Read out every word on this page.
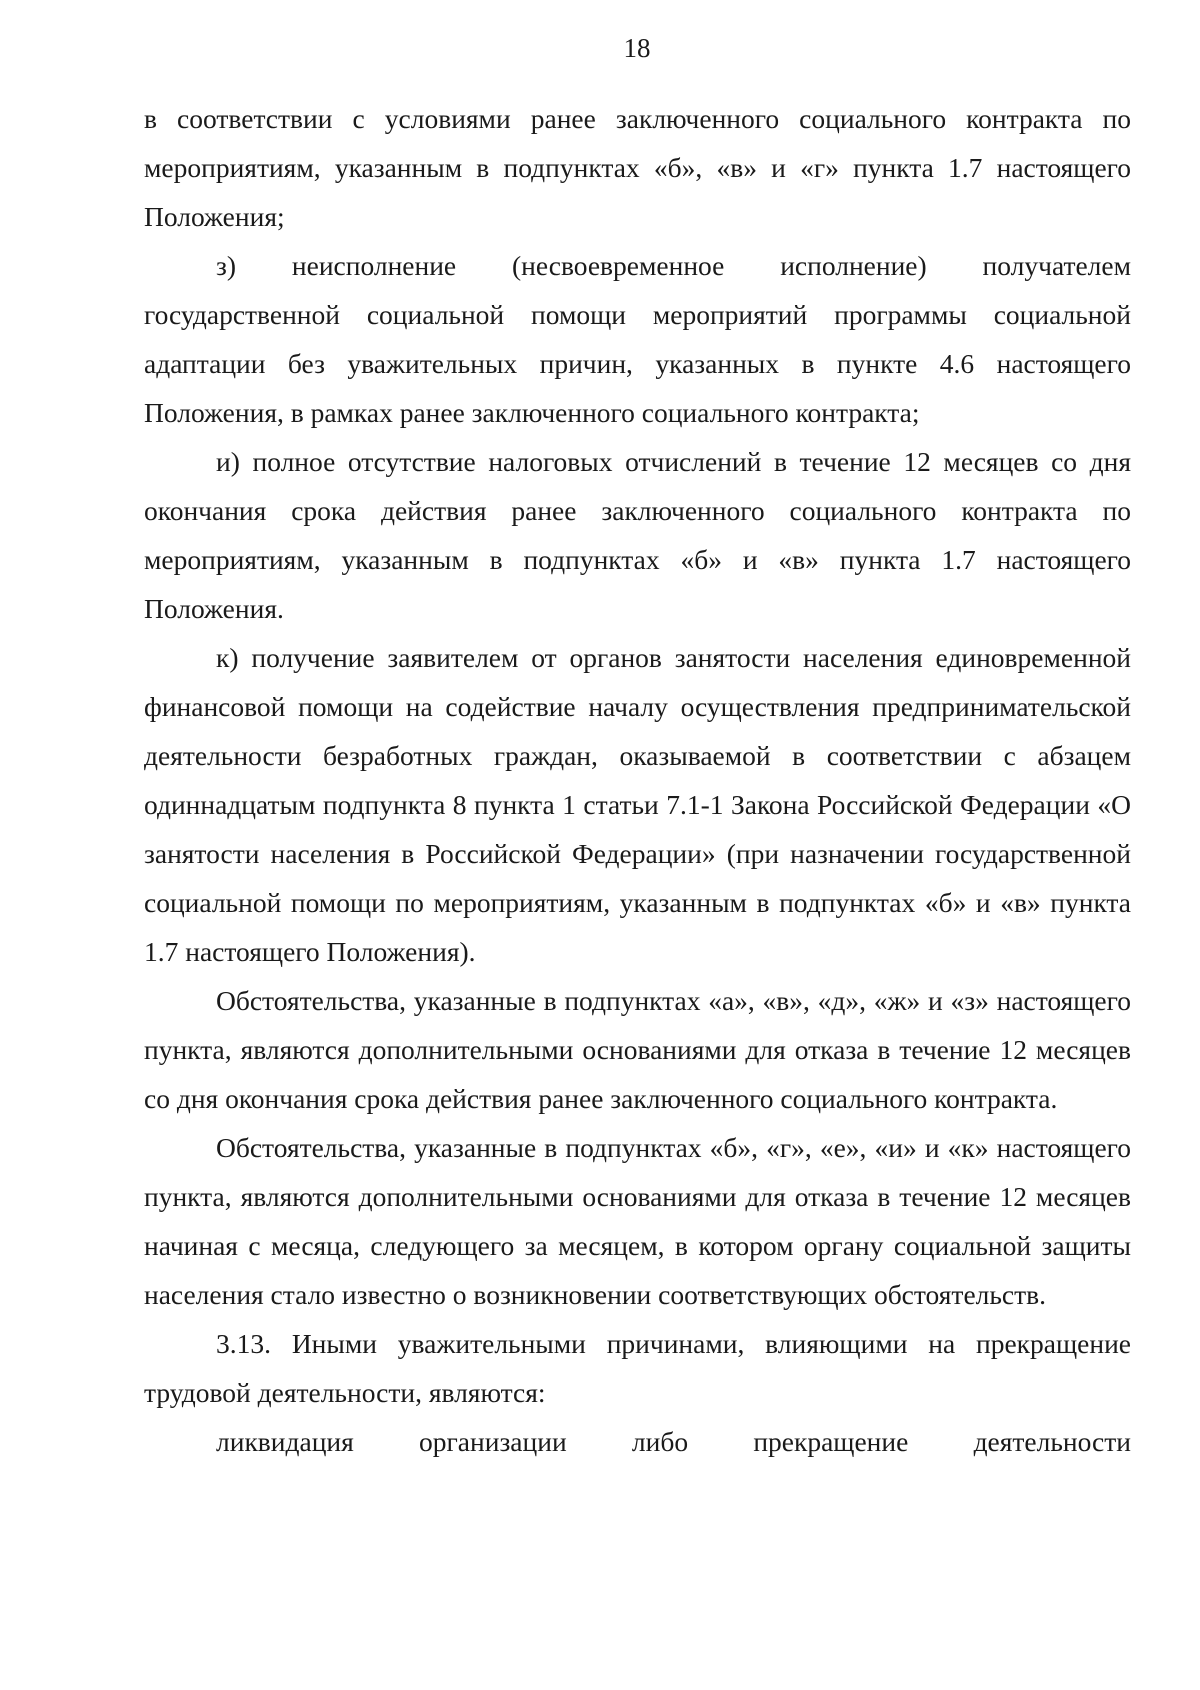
18

в соответствии с условиями ранее заключенного социального контракта по мероприятиям, указанным в подпунктах «б», «в» и «г» пункта 1.7 настоящего Положения;

з) неисполнение (несвоевременное исполнение) получателем государственной социальной помощи мероприятий программы социальной адаптации без уважительных причин, указанных в пункте 4.6 настоящего Положения, в рамках ранее заключенного социального контракта;

и) полное отсутствие налоговых отчислений в течение 12 месяцев со дня окончания срока действия ранее заключенного социального контракта по мероприятиям, указанным в подпунктах «б» и «в» пункта 1.7 настоящего Положения.

к) получение заявителем от органов занятости населения единовременной финансовой помощи на содействие началу осуществления предпринимательской деятельности безработных граждан, оказываемой в соответствии с абзацем одиннадцатым подпункта 8 пункта 1 статьи 7.1-1 Закона Российской Федерации «О занятости населения в Российской Федерации» (при назначении государственной социальной помощи по мероприятиям, указанным в подпунктах «б» и «в» пункта 1.7 настоящего Положения).

Обстоятельства, указанные в подпунктах «а», «в», «д», «ж» и «з» настоящего пункта, являются дополнительными основаниями для отказа в течение 12 месяцев со дня окончания срока действия ранее заключенного социального контракта.

Обстоятельства, указанные в подпунктах «б», «г», «е», «и» и «к» настоящего пункта, являются дополнительными основаниями для отказа в течение 12 месяцев начиная с месяца, следующего за месяцем, в котором органу социальной защиты населения стало известно о возникновении соответствующих обстоятельств.

3.13. Иными уважительными причинами, влияющими на прекращение трудовой деятельности, являются:

ликвидация организации либо прекращение деятельности
